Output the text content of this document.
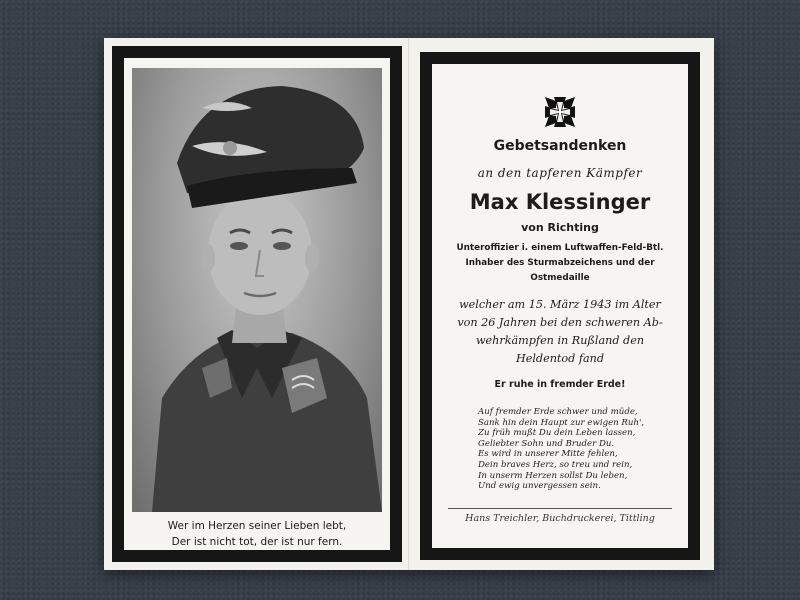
Wer im Herzen seiner Lieben lebt,
Der ist nicht tot, der ist nur fern.
Gebetsandenken
an den tapferen Kämpfer
Max Klessinger
von Richting
Unteroffizier i. einem Luftwaffen-Feld-Btl.
Inhaber des Sturmabzeichens und der
Ostmedaille
welcher am 15. März 1943 im Alter
von 26 Jahren bei den schweren Ab-
wehrkämpfen in Rußland den
Heldentod fand
Er ruhe in fremder Erde!
Auf fremder Erde schwer und müde,
Sank hin dein Haupt zur ewigen Ruh',
Zu früh mußt Du dein Leben lassen,
Geliebter Sohn und Bruder Du.
Es wird in unserer Mitte fehlen,
Dein braves Herz, so treu und rein,
In unserm Herzen sollst Du leben,
Und ewig unvergessen sein.
Hans Treichler, Buchdruckerei, Tittling
